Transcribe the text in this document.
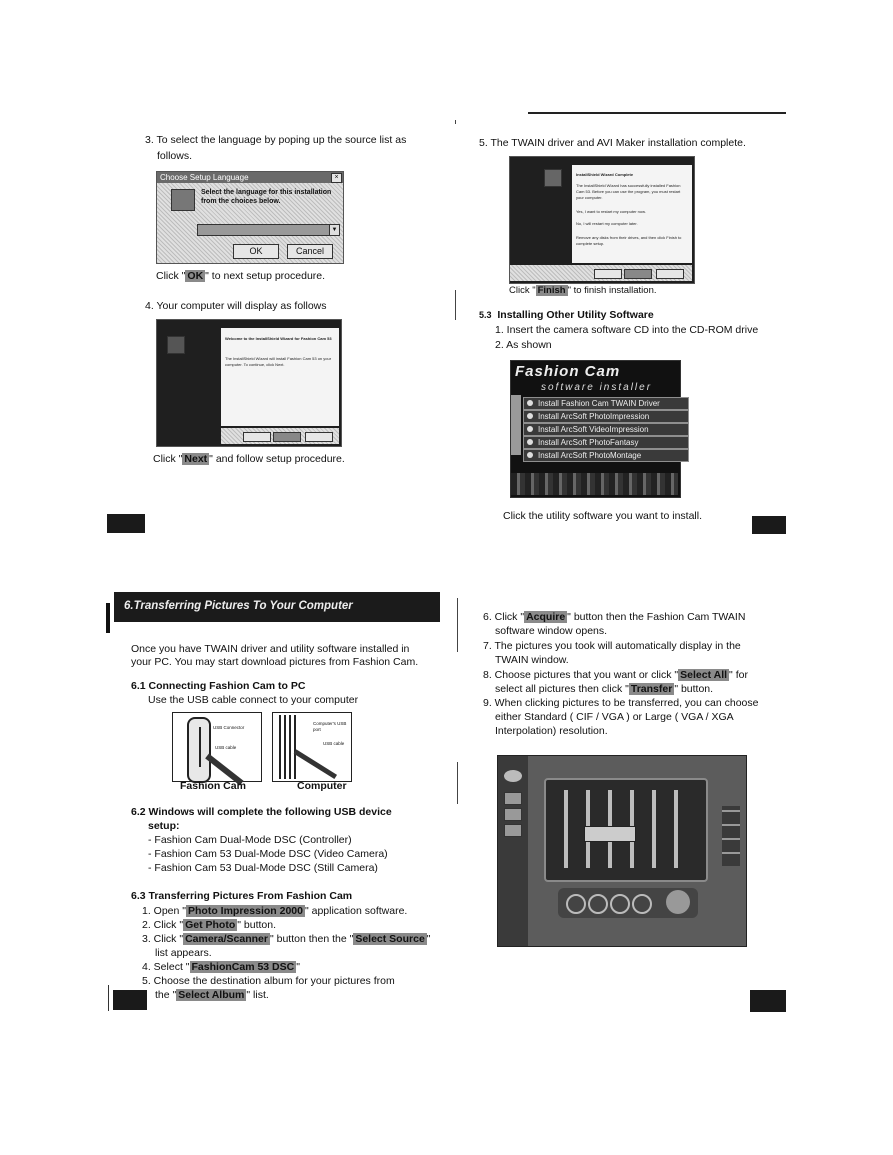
3. To select the language by poping up the source list as
follows.
Choose Setup Language	×
Select the language for this installation from the choices below.
▼
OK	Cancel
Click " OK " to next setup procedure.
4. Your computer will display as follows
Welcome to the InstallShield Wizard for Fashion Cam 53
The InstallShield Wizard will install Fashion Cam 53 on your computer. To continue, click Next.
Click " Next " and follow setup procedure.
5. The TWAIN driver and AVI Maker installation complete.
InstallShield Wizard Complete
The InstallShield Wizard has successfully installed Fashion Cam 53. Before you can use the program, you must restart your computer.
Yes, I want to restart my computer now.
No, I will restart my computer later.
Remove any disks from their drives, and then click Finish to complete setup.
Click " Finish " to finish installation.
5.3 Installing Other Utility Software
1. Insert the camera software CD into the CD-ROM drive
2. As shown
Fashion Cam
software installer
Install Fashion Cam TWAIN Driver
Install ArcSoft PhotoImpression
Install ArcSoft VideoImpression
Install ArcSoft PhotoFantasy
Install ArcSoft PhotoMontage
Click the utility software you want to install.
6.Transferring Pictures To Your Computer
Once you have TWAIN driver and utility software installed in
your PC. You may start download pictures from Fashion Cam.
6.1 Connecting Fashion Cam to PC
Use the USB cable connect to your computer
USB Connector
USB cable
Computer's USB port
USB cable
Fashion Cam	Computer
6.2 Windows will complete the following USB device
setup:
- Fashion Cam Dual-Mode DSC (Controller)
- Fashion Cam 53 Dual-Mode DSC (Video Camera)
- Fashion Cam 53 Dual-Mode DSC (Still Camera)
6.3 Transferring Pictures From Fashion Cam
1. Open " Photo Impression 2000 " application software.
2. Click " Get Photo " button.
3. Click " Camera/Scanner " button then the " Select Source "
list appears.
4. Select " FashionCam 53 DSC "
5. Choose the destination album for your pictures from
the " Select Album " list.
6. Click " Acquire " button then the Fashion Cam TWAIN
software window opens.
7. The pictures you took will automatically display in the
TWAIN window.
8. Choose pictures that you want or click " Select All " for
select all pictures then click " Transfer " button.
9. When clicking pictures to be transferred, you can choose
either Standard ( CIF / VGA ) or Large ( VGA / XGA
Interpolation) resolution.
